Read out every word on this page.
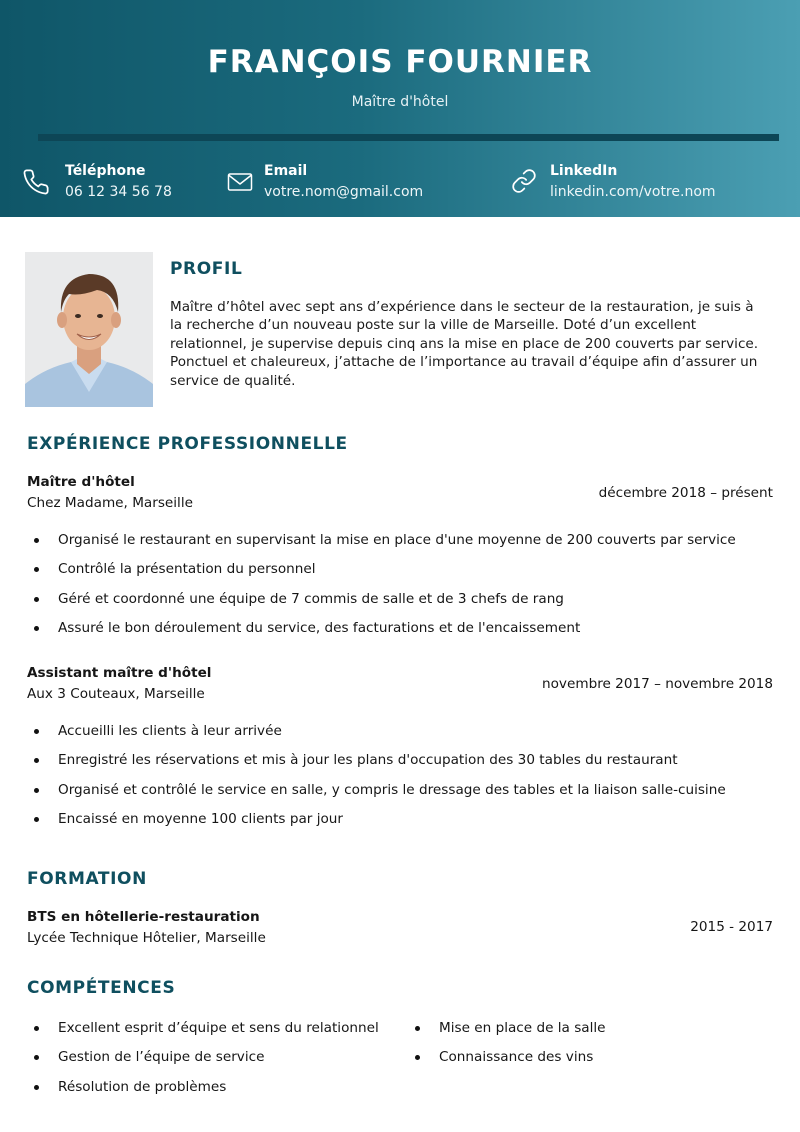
FRANÇOIS FOURNIER
Maître d'hôtel
Téléphone
06 12 34 56 78
Email
votre.nom@gmail.com
LinkedIn
linkedin.com/votre.nom
PROFIL
Maître d’hôtel avec sept ans d’expérience dans le secteur de la restauration, je suis à
la recherche d’un nouveau poste sur la ville de Marseille. Doté d’un excellent
relationnel, je supervise depuis cinq ans la mise en place de 200 couverts par service.
Ponctuel et chaleureux, j’attache de l’importance au travail d’équipe afin d’assurer un
service de qualité.
EXPÉRIENCE PROFESSIONNELLE
Maître d'hôtel
Chez Madame, Marseille
décembre 2018 – présent
Organisé le restaurant en supervisant la mise en place d'une moyenne de 200 couverts par service
Contrôlé la présentation du personnel
Géré et coordonné une équipe de 7 commis de salle et de 3 chefs de rang
Assuré le bon déroulement du service, des facturations et de l'encaissement
Assistant maître d'hôtel
Aux 3 Couteaux, Marseille
novembre 2017 – novembre 2018
Accueilli les clients à leur arrivée
Enregistré les réservations et mis à jour les plans d'occupation des 30 tables du restaurant
Organisé et contrôlé le service en salle, y compris le dressage des tables et la liaison salle-cuisine
Encaissé en moyenne 100 clients par jour
FORMATION
BTS en hôtellerie-restauration
Lycée Technique Hôtelier, Marseille
2015 - 2017
COMPÉTENCES
Excellent esprit d’équipe et sens du relationnel
Gestion de l’équipe de service
Résolution de problèmes
Mise en place de la salle
Connaissance des vins
